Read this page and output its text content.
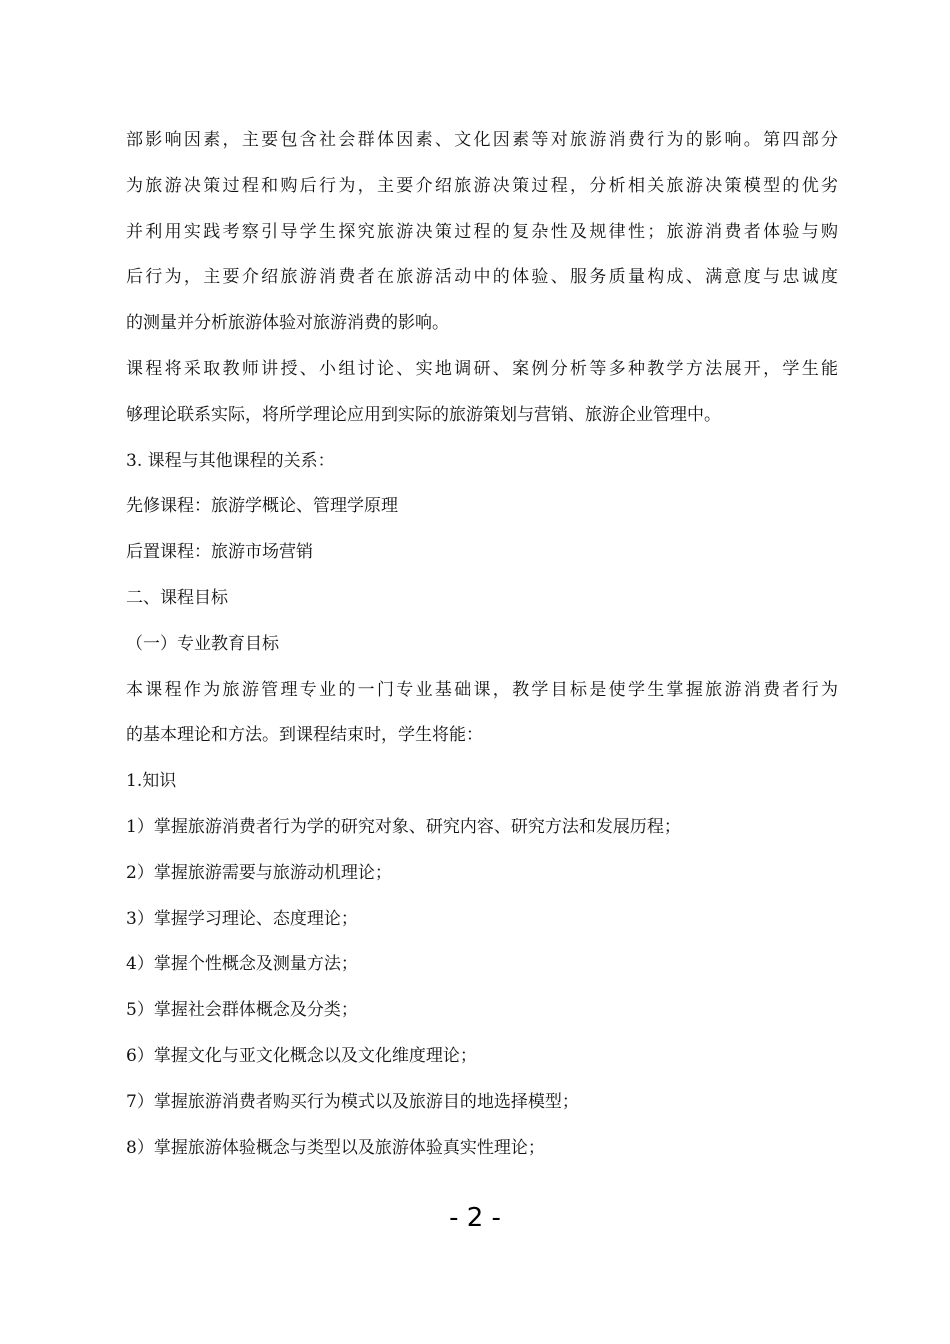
部影响因素，主要包含社会群体因素、文化因素等对旅游消费行为的影响。第四部分
为旅游决策过程和购后行为，主要介绍旅游决策过程，分析相关旅游决策模型的优劣
并利用实践考察引导学生探究旅游决策过程的复杂性及规律性；旅游消费者体验与购
后行为，主要介绍旅游消费者在旅游活动中的体验、服务质量构成、满意度与忠诚度
的测量并分析旅游体验对旅游消费的影响。
课程将采取教师讲授、小组讨论、实地调研、案例分析等多种教学方法展开，学生能
够理论联系实际，将所学理论应用到实际的旅游策划与营销、旅游企业管理中。
3. 课程与其他课程的关系：
先修课程：旅游学概论、管理学原理
后置课程：旅游市场营销
二、课程目标
（一）专业教育目标
本课程作为旅游管理专业的一门专业基础课，教学目标是使学生掌握旅游消费者行为
的基本理论和方法。到课程结束时，学生将能：
1.知识
1）掌握旅游消费者行为学的研究对象、研究内容、研究方法和发展历程；
2）掌握旅游需要与旅游动机理论；
3）掌握学习理论、态度理论；
4）掌握个性概念及测量方法；
5）掌握社会群体概念及分类；
6）掌握文化与亚文化概念以及文化维度理论；
7）掌握旅游消费者购买行为模式以及旅游目的地选择模型；
8）掌握旅游体验概念与类型以及旅游体验真实性理论；
- 2 -
